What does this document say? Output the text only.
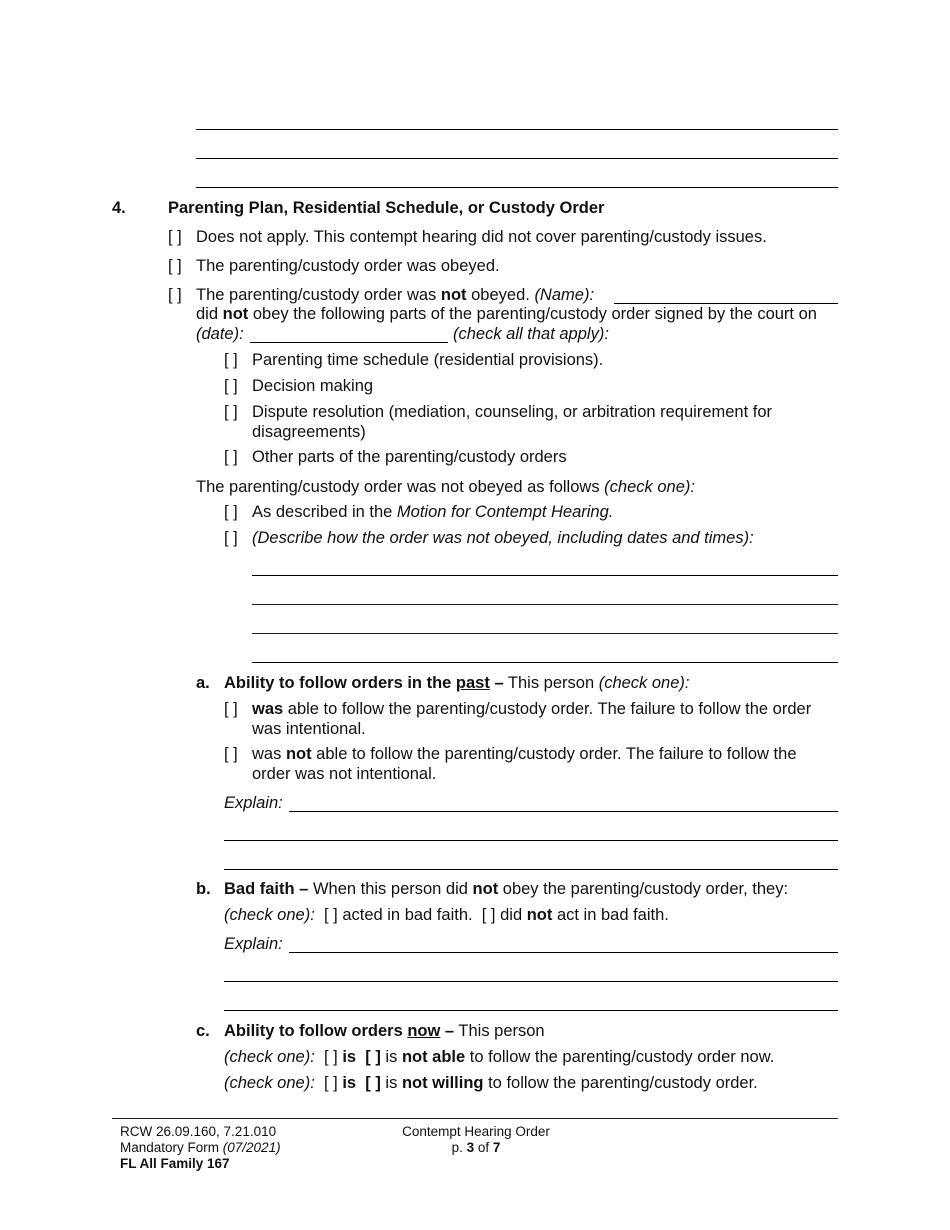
4.	Parenting Plan, Residential Schedule, or Custody Order
[ ] Does not apply. This contempt hearing did not cover parenting/custody issues.
[ ] The parenting/custody order was obeyed.
[ ] The parenting/custody order was not obeyed. (Name):
did not obey the following parts of the parenting/custody order signed by the court on
(date):	(check all that apply):
[ ] Parenting time schedule (residential provisions).
[ ] Decision making
[ ] Dispute resolution (mediation, counseling, or arbitration requirement for
disagreements)
[ ] Other parts of the parenting/custody orders
The parenting/custody order was not obeyed as follows (check one):
[ ] As described in the Motion for Contempt Hearing.
[ ] (Describe how the order was not obeyed, including dates and times):
a. Ability to follow orders in the past – This person (check one):
[ ] was able to follow the parenting/custody order. The failure to follow the order
was intentional.
[ ] was not able to follow the parenting/custody order. The failure to follow the
order was not intentional.
Explain:
b. Bad faith – When this person did not obey the parenting/custody order, they:
(check one): [ ] acted in bad faith. [ ] did not act in bad faith.
Explain:
c. Ability to follow orders now – This person
(check one): [ ] is [ ] is not able to follow the parenting/custody order now.
(check one): [ ] is [ ] is not willing to follow the parenting/custody order.
RCW 26.09.160, 7.21.010
Mandatory Form (07/2021)
FL All Family 167
Contempt Hearing Order
p. 3 of 7
